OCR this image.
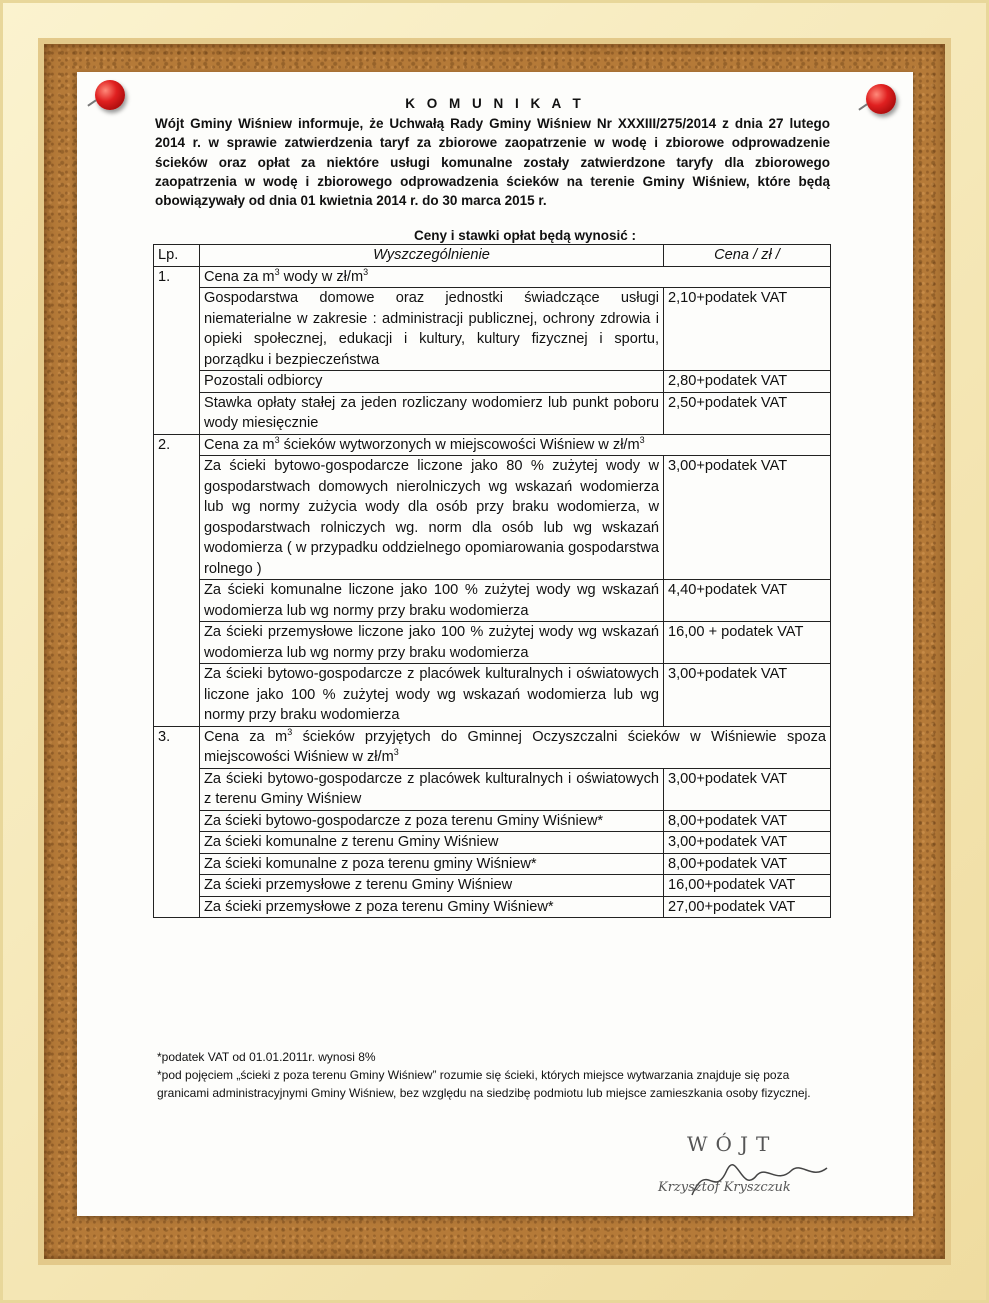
K O M U N I K A T
Wójt Gminy Wiśniew informuje, że Uchwałą Rady Gminy Wiśniew Nr XXXIII/275/2014 z dnia 27 lutego 2014 r. w sprawie zatwierdzenia taryf za zbiorowe zaopatrzenie w wodę i zbiorowe odprowadzenie ścieków oraz opłat za niektóre usługi komunalne zostały zatwierdzone taryfy dla zbiorowego zaopatrzenia w wodę i zbiorowego odprowadzenia ścieków na terenie Gminy Wiśniew, które będą obowiązywały od dnia 01 kwietnia 2014 r. do 30 marca 2015 r.
Ceny i stawki opłat będą wynosić :
Lp.	Wyszczególnienie	Cena / zł /
1.	Cena za $m^3$ wody w $zł/m^3$
	Gospodarstwa domowe oraz jednostki świadczące usługi niematerialne w zakresie : administracji publicznej, ochrony zdrowia i opieki społecznej, edukacji i kultury, kultury fizycznej i sportu, porządku i bezpieczeństwa	2,10+podatek VAT
	Pozostali odbiorcy	2,80+podatek VAT
	Stawka opłaty stałej za jeden rozliczany wodomierz lub punkt poboru wody miesięcznie	2,50+podatek VAT
2.	Cena za $m^3$ ścieków wytworzonych w miejscowości Wiśniew w $zł/m^3$
	Za ścieki bytowo-gospodarcze liczone jako 80 % zużytej wody w gospodarstwach domowych nierolniczych wg wskazań wodomierza lub wg normy zużycia wody dla osób przy braku wodomierza, w gospodarstwach rolniczych wg. norm dla osób lub wg wskazań wodomierza ( w przypadku oddzielnego opomiarowania gospodarstwa rolnego )	3,00+podatek VAT
	Za ścieki komunalne liczone jako 100 % zużytej wody wg wskazań wodomierza lub wg normy przy braku wodomierza	4,40+podatek VAT
	Za ścieki przemysłowe liczone jako 100 % zużytej wody wg wskazań wodomierza lub wg normy przy braku wodomierza	16,00 + podatek VAT
	Za ścieki bytowo-gospodarcze z placówek kulturalnych i oświatowych liczone jako 100 % zużytej wody wg wskazań wodomierza lub wg normy przy braku wodomierza	3,00+podatek VAT
3.	Cena za $m^3$ ścieków przyjętych do Gminnej Oczyszczalni ścieków w Wiśniewie spoza miejscowości Wiśniew w $zł/m^3$
	Za ścieki bytowo-gospodarcze z placówek kulturalnych i oświatowych z terenu Gminy Wiśniew	3,00+podatek VAT
	Za ścieki bytowo-gospodarcze z poza terenu Gminy Wiśniew*	8,00+podatek VAT
	Za ścieki komunalne z terenu Gminy Wiśniew	3,00+podatek VAT
	Za ścieki komunalne z poza terenu gminy Wiśniew*	8,00+podatek VAT
	Za ścieki przemysłowe z terenu Gminy Wiśniew	16,00+podatek VAT
	Za ścieki przemysłowe z poza terenu Gminy Wiśniew*	27,00+podatek VAT
*podatek VAT od 01.01.2011r. wynosi 8%
*pod pojęciem „ścieki z poza terenu Gminy Wiśniew” rozumie się ścieki, których miejsce wytwarzania znajduje się poza granicami administracyjnymi Gminy Wiśniew, bez względu na siedzibę podmiotu lub miejsce zamieszkania osoby fizycznej.
WÓJT
Krzysztof Kryszczuk
